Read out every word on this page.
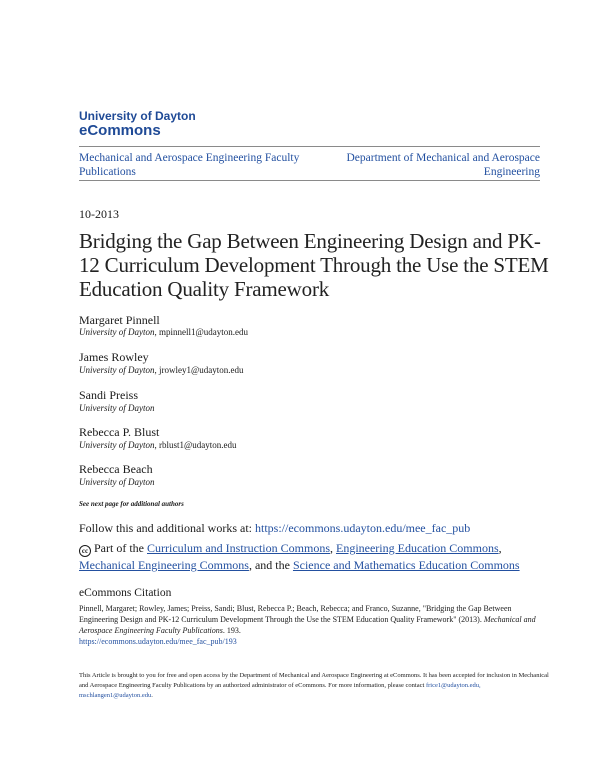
University of Dayton
eCommons
Mechanical and Aerospace Engineering Faculty Publications
Department of Mechanical and Aerospace Engineering
10-2013
Bridging the Gap Between Engineering Design and PK-12 Curriculum Development Through the Use the STEM Education Quality Framework
Margaret Pinnell
University of Dayton, mpinnell1@udayton.edu
James Rowley
University of Dayton, jrowley1@udayton.edu
Sandi Preiss
University of Dayton
Rebecca P. Blust
University of Dayton, rblust1@udayton.edu
Rebecca Beach
University of Dayton
See next page for additional authors
Follow this and additional works at: https://ecommons.udayton.edu/mee_fac_pub
cc Part of the Curriculum and Instruction Commons, Engineering Education Commons,
Mechanical Engineering Commons, and the Science and Mathematics Education Commons
eCommons Citation
Pinnell, Margaret; Rowley, James; Preiss, Sandi; Blust, Rebecca P.; Beach, Rebecca; and Franco, Suzanne, "Bridging the Gap Between Engineering Design and PK-12 Curriculum Development Through the Use the STEM Education Quality Framework" (2013). Mechanical and Aerospace Engineering Faculty Publications. 193.
https://ecommons.udayton.edu/mee_fac_pub/193
This Article is brought to you for free and open access by the Department of Mechanical and Aerospace Engineering at eCommons. It has been accepted for inclusion in Mechanical and Aerospace Engineering Faculty Publications by an authorized administrator of eCommons. For more information, please contact frice1@udayton.edu, mschlangen1@udayton.edu.
